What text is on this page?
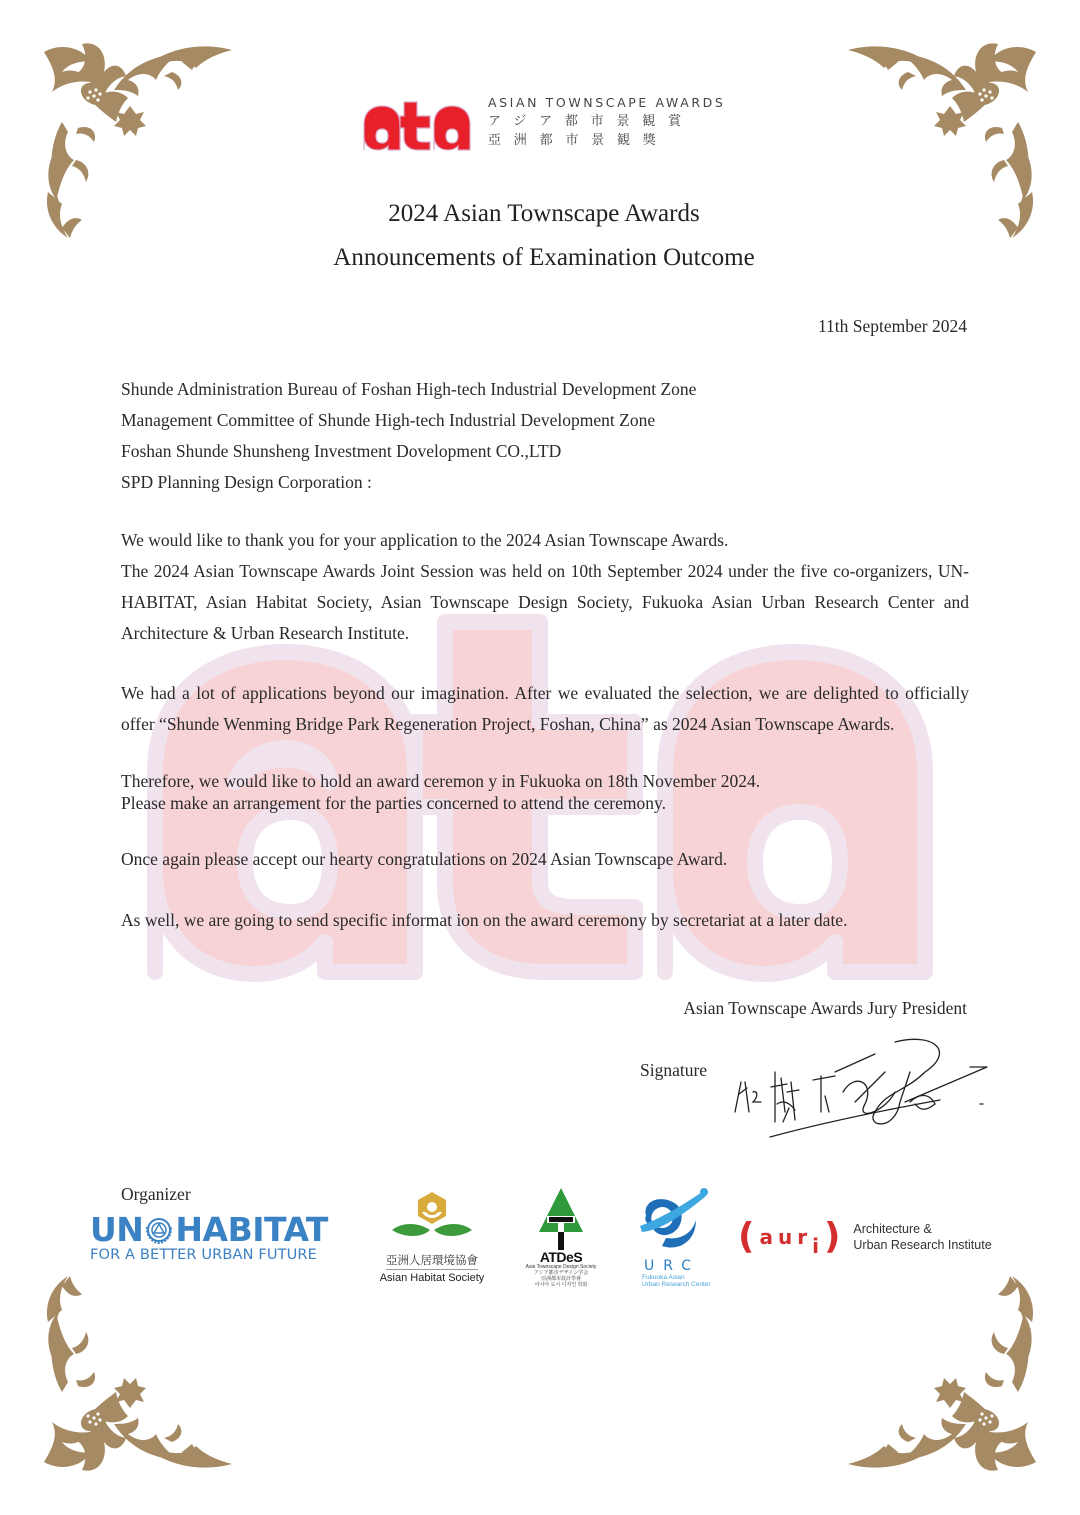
ASIAN TOWNSCAPE AWARDS
アジア都市景観賞
亞洲都市景観獎
2024 Asian Townscape Awards
Announcements of Examination Outcome
11th September 2024
Shunde Administration Bureau of Foshan High-tech Industrial Development Zone
Management Committee of Shunde High-tech Industrial Development Zone
Foshan Shunde Shunsheng Investment Dovelopment CO.,LTD
SPD Planning Design Corporation :
We would like to thank you for your application to the 2024 Asian Townscape Awards.
The 2024 Asian Townscape Awards Joint Session was held on 10th September 2024 under the five co-organizers, UN-HABITAT, Asian Habitat Society, Asian Townscape Design Society, Fukuoka Asian Urban Research Center and Architecture & Urban Research Institute.
We had a lot of applications beyond our imagination. After we evaluated the selection, we are delighted to officially offer “Shunde Wenming Bridge Park Regeneration Project, Foshan, China” as 2024 Asian Townscape Awards.
Therefore, we would like to hold an award ceremon y in Fukuoka on 18th November 2024.
Please make an arrangement for the parties concerned to attend the ceremony.
Once again please accept our hearty congratulations on 2024 Asian Townscape Award.
As well, we are going to send specific informat ion on the award ceremony by secretariat at a later date.
Asian Townscape Awards Jury President
Signature
Organizer
UN HABITAT
FOR A BETTER URBAN FUTURE	亞洲人居環境協會
Asian Habitat Society
ATDeS
Asia Townscape Design Society
アジア都市デザイン学会
亞洲都市設計學會
아시아 도시 디자인 학회
URC
Fukuoka Asian
Urban Research Center
( a u r i ) Architecture &
Urban Research Institute
